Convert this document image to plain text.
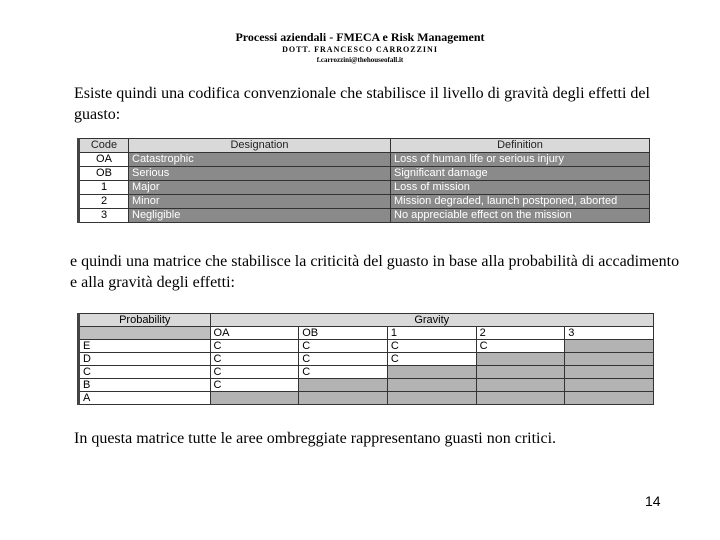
Processi aziendali - FMECA e Risk Management
DOTT. FRANCESCO CARROZZINI
f.carrozzini@thehouseofall.it
Esiste quindi una codifica convenzionale che stabilisce il livello di gravità degli effetti del guasto:
Code	Designation	Definition
OA	Catastrophic	Loss of human life or serious injury
OB	Serious	Significant damage
1	Major	Loss of mission
2	Minor	Mission degraded, launch postponed, aborted
3	Negligible	No appreciable effect on the mission
e quindi una matrice che stabilisce la criticità del guasto in base alla probabilità di accadimento e alla gravità degli effetti:
Probability	Gravity				
	OA	OB	1	2	3
E	C	C	C	C	
D	C	C	C		
C	C	C			
B	C				
A					
In questa matrice tutte le aree ombreggiate rappresentano guasti non critici.
14
